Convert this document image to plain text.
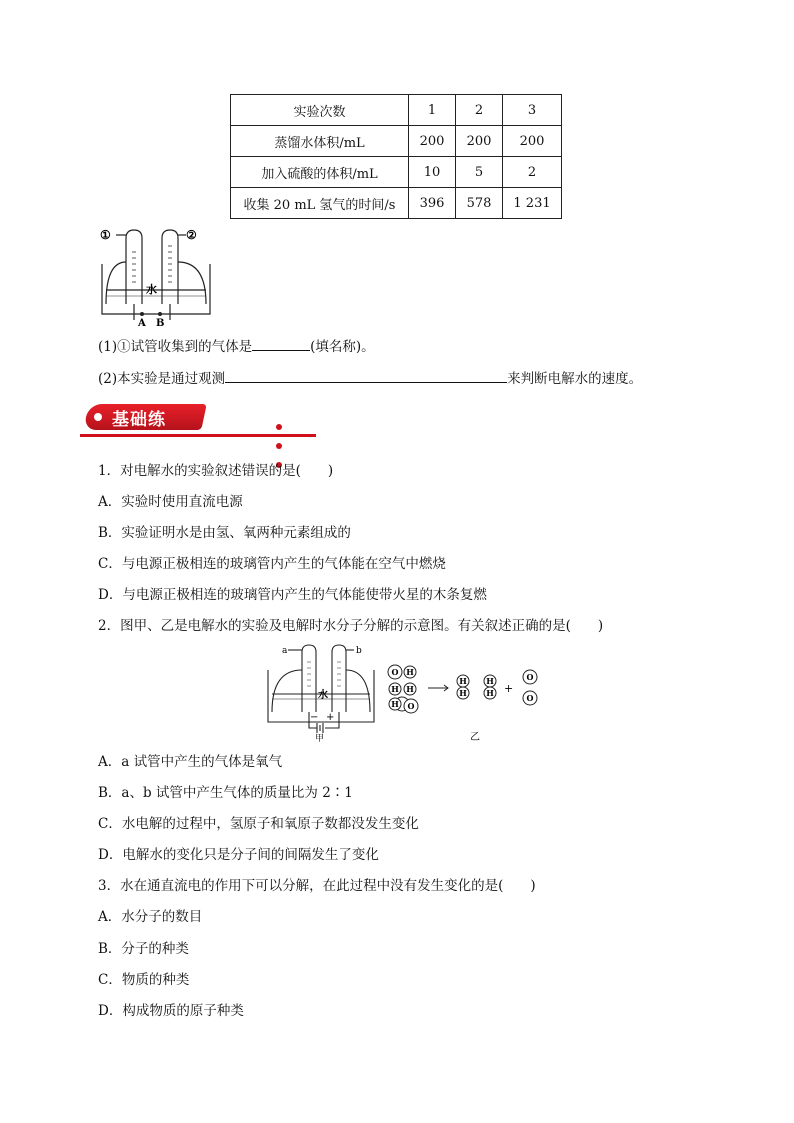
实验次数	1	2	3
蒸馏水体积/mL	200	200	200
加入硫酸的体积/mL	10	5	2
收集 20 mL 氢气的时间/s	396	578	1 231
①	②
水
A B
(1)①试管收集到的气体是	(填名称)。
(2)本实验是通过观测	来判断电解水的速度。
基础练
1．对电解水的实验叙述错误的是(　　)
A．实验时使用直流电源
B．实验证明水是由氢、氧两种元素组成的
C．与电源正极相连的玻璃管内产生的气体能在空气中燃烧
D．与电源正极相连的玻璃管内产生的气体能使带火星的木条复燃
2．图甲、乙是电解水的实验及电解时水分子分解的示意图。有关叙述正确的是(　　)
a	b
水
− +
甲
O H
H H
H O
H
H
H
H
O
O
+
乙
A．a 试管中产生的气体是氧气
B．a、b 试管中产生气体的质量比为 2∶1
C．水电解的过程中，氢原子和氧原子数都没发生变化
D．电解水的变化只是分子间的间隔发生了变化
3．水在通直流电的作用下可以分解，在此过程中没有发生变化的是(　　)
A．水分子的数目
B．分子的种类
C．物质的种类
D．构成物质的原子种类
